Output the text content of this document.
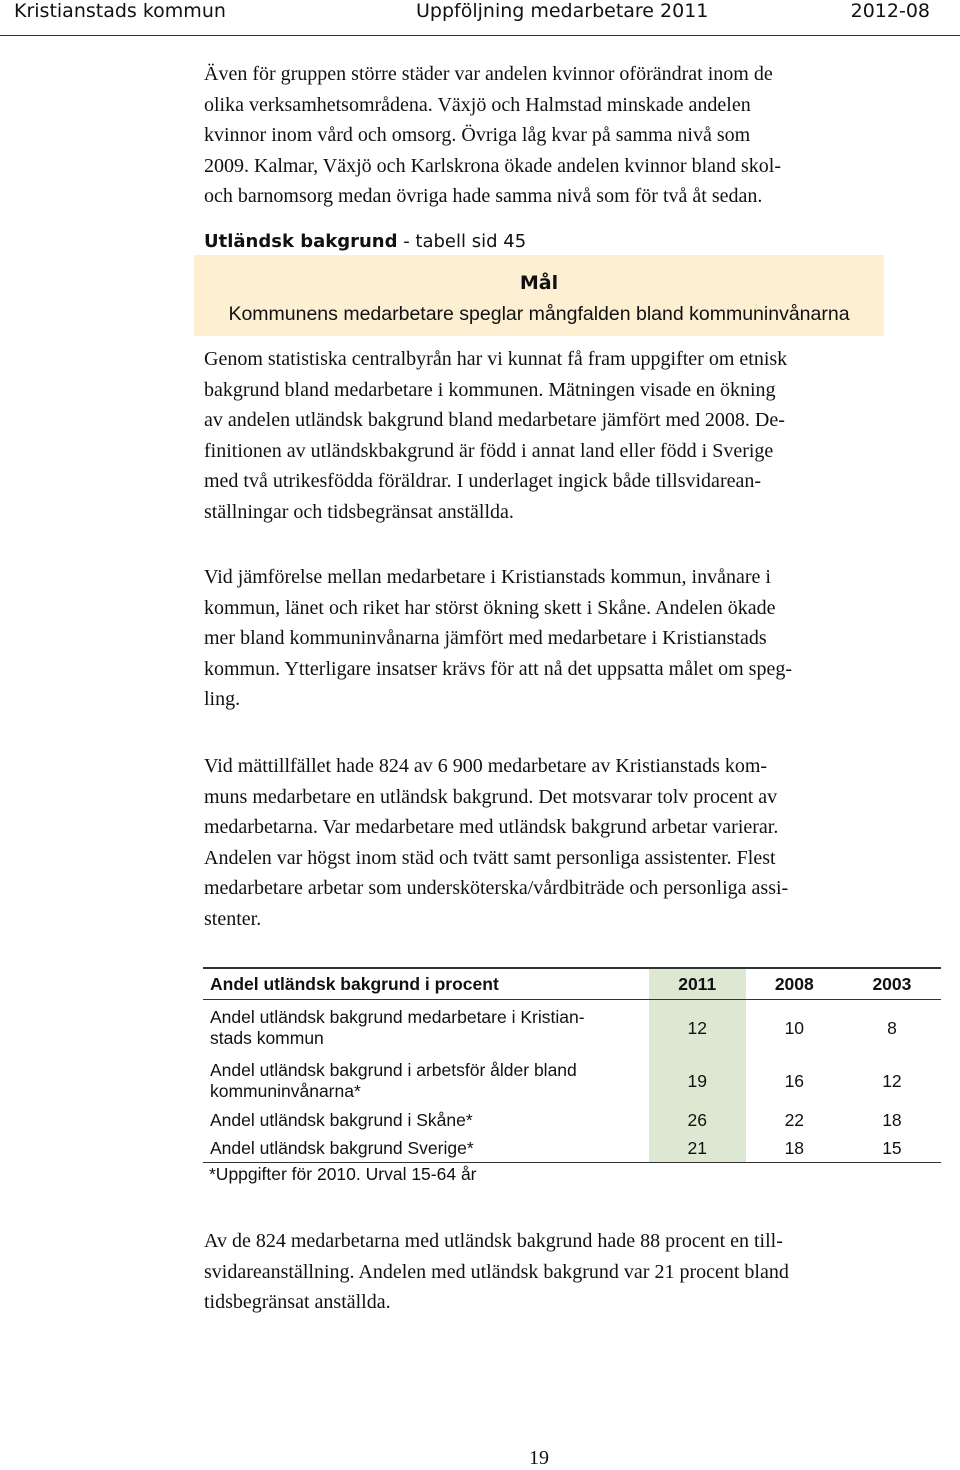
Kristianstads kommun	Uppföljning medarbetare 2011	2012-08

Även för gruppen större städer var andelen kvinnor oförändrat inom de
olika verksamhetsområdena. Växjö och Halmstad minskade andelen
kvinnor inom vård och omsorg. Övriga låg kvar på samma nivå som
2009. Kalmar, Växjö och Karlskrona ökade andelen kvinnor bland skol-
och barnomsorg medan övriga hade samma nivå som för två åt sedan.

Utländsk bakgrund - tabell sid 45
Mål
Kommunens medarbetare speglar mångfalden bland kommuninvånarna

Genom statistiska centralbyrån har vi kunnat få fram uppgifter om etnisk
bakgrund bland medarbetare i kommunen. Mätningen visade en ökning
av andelen utländsk bakgrund bland medarbetare jämfört med 2008. De-
finitionen av utländskbakgrund är född i annat land eller född i Sverige
med två utrikesfödda föräldrar. I underlaget ingick både tillsvidarean-
ställningar och tidsbegränsat anställda.

Vid jämförelse mellan medarbetare i Kristianstads kommun, invånare i
kommun, länet och riket har störst ökning skett i Skåne. Andelen ökade
mer bland kommuninvånarna jämfört med medarbetare i Kristianstads
kommun. Ytterligare insatser krävs för att nå det uppsatta målet om speg-
ling.

Vid mättillfället hade 824 av 6 900 medarbetare av Kristianstads kom-
muns medarbetare en utländsk bakgrund. Det motsvarar tolv procent av
medarbetarna. Var medarbetare med utländsk bakgrund arbetar varierar.
Andelen var högst inom städ och tvätt samt personliga assistenter. Flest
medarbetare arbetar som undersköterska/vårdbiträde och personliga assi-
stenter.

Andel utländsk bakgrund i procent	2011	2008	2003
Andel utländsk bakgrund medarbetare i Kristian-
stads kommun	12	10	8
Andel utländsk bakgrund i arbetsför ålder bland
kommuninvånarna*	19	16	12
Andel utländsk bakgrund i Skåne*	26	22	18
Andel utländsk bakgrund Sverige*	21	18	15
*Uppgifter för 2010. Urval 15-64 år

Av de 824 medarbetarna med utländsk bakgrund hade 88 procent en till-
svidareanställning. Andelen med utländsk bakgrund var 21 procent bland
tidsbegränsat anställda.

19
